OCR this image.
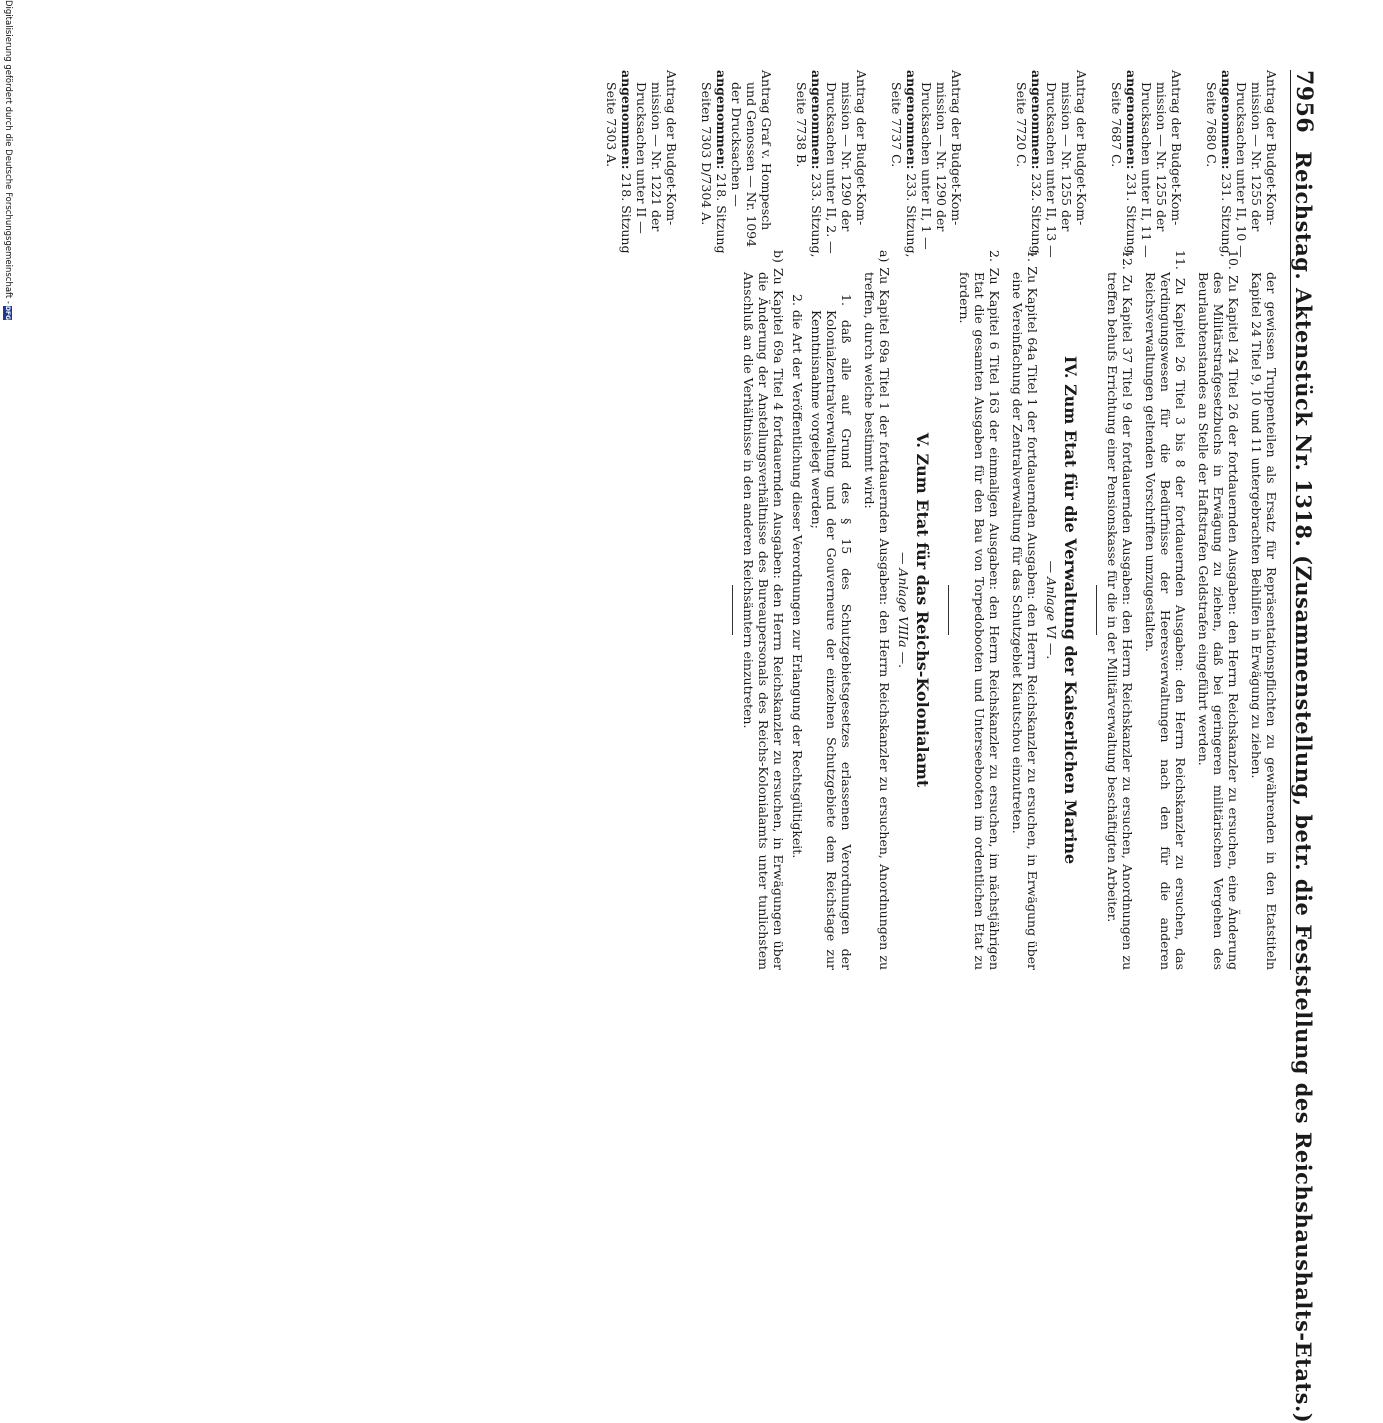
7956
Reichstag. Aktenstück Nr. 1318. (Zusammenstellung, betr. die Feststellung des Reichshaushalts-Etats.)
Antrag der Budget-Kom-
mission — Nr. 1255 der
Drucksachen unter II, 10 —
angenommen: 231. Sitzung,
Seite 7680 C.
Antrag der Budget-Kom-
mission — Nr. 1255 der
Drucksachen unter II, 11 —
angenommen: 231. Sitzung,
Seite 7687 C.
Antrag der Budget-Kom-
mission — Nr. 1255 der
Drucksachen unter II, 13 —
angenommen: 232. Sitzung,
Seite 7720 C.
Antrag der Budget-Kom-
mission — Nr. 1290 der
Drucksachen unter II, 1 —
angenommen: 233. Sitzung,
Seite 7737 C.
Antrag der Budget-Kom-
mission — Nr. 1290 der
Drucksachen unter II, 2. —
angenommen: 233. Sitzung,
Seite 7738 B.
Antrag Graf v. Hompesch
und Genossen — Nr. 1094
der Drucksachen —
angenommen: 218. Sitzung
Seiten 7303 D/7304 A.
Antrag der Budget-Kom-
mission — Nr. 1221 der
Drucksachen unter II —
angenommen: 218. Sitzung
Seite 7303 A.

der gewissen Truppenteilen als Ersatz für Repräsentationspflichten zu gewährenden in den Etatstiteln Kapitel 24 Titel 9, 10 und 11 untergebrachten Beihilfen in Erwägung zu ziehen.

10. Zu Kapitel 24 Titel 26 der fortdauernden Ausgaben: den Herrn Reichskanzler zu ersuchen, eine Änderung des Militärstrafgesetzbuchs in Erwägung zu ziehen, daß bei geringeren militärischen Vergehen des Beurlaubtenstandes an Stelle der Haftstrafen Geldstrafen eingeführt werden.

11. Zu Kapitel 26 Titel 3 bis 8 der fortdauernden Ausgaben: den Herrn Reichskanzler zu ersuchen, das Verdingungswesen für die Bedürfnisse der Heeresverwaltungen nach den für die anderen Reichsverwaltungen geltenden Vorschriften umzugestalten.

12. Zu Kapitel 37 Titel 9 der fortdauernden Ausgaben: den Herrn Reichskanzler zu ersuchen, Anordnungen zu treffen behufs Errichtung einer Pensionskasse für die in der Militärverwaltung beschäftigten Arbeiter.

IV. Zum Etat für die Verwaltung der Kaiserlichen Marine
— Anlage VI —.

1. Zu Kapitel 64a Titel 1 der fortdauernden Ausgaben: den Herrn Reichskanzler zu ersuchen, in Erwägung über eine Vereinfachung der Zentralverwaltung für das Schutzgebiet Kiautschou einzutreten.

2. Zu Kapitel 6 Titel 163 der einmaligen Ausgaben: den Herrn Reichskanzler zu ersuchen, im nächstjährigen Etat die gesamten Ausgaben für den Bau von Torpedobooten und Unterseebooten im ordentlichen Etat zu fordern.

V. Zum Etat für das Reichs-Kolonialamt
— Anlage VIIIa —.

a) Zu Kapitel 69a Titel 1 der fortdauernden Ausgaben: den Herrn Reichskanzler zu ersuchen, Anordnungen zu treffen, durch welche bestimmt wird:

1. daß alle auf Grund des § 15 des Schutzgebietsgesetzes erlassenen Verordnungen der Kolonialzentralverwaltung und der Gouverneure der einzelnen Schutzgebiete dem Reichstage zur Kenntnisnahme vorgelegt werden;

2. die Art der Veröffentlichung dieser Verordnungen zur Erlangung der Rechtsgültigkeit.

b) Zu Kapitel 69a Titel 4 fortdauernden Ausgaben: den Herrn Reichskanzler zu ersuchen, in Erwägungen über die Änderung der Anstellungsverhältnisse des Bureaupersonals des Reichs-Kolonialamts unter tunlichstem Anschluß an die Verhältnisse in den anderen Reichsämtern einzutreten.

Digitalisierung gefördert durch die Deutsche Forschungsgemeinschaft -
DFG
